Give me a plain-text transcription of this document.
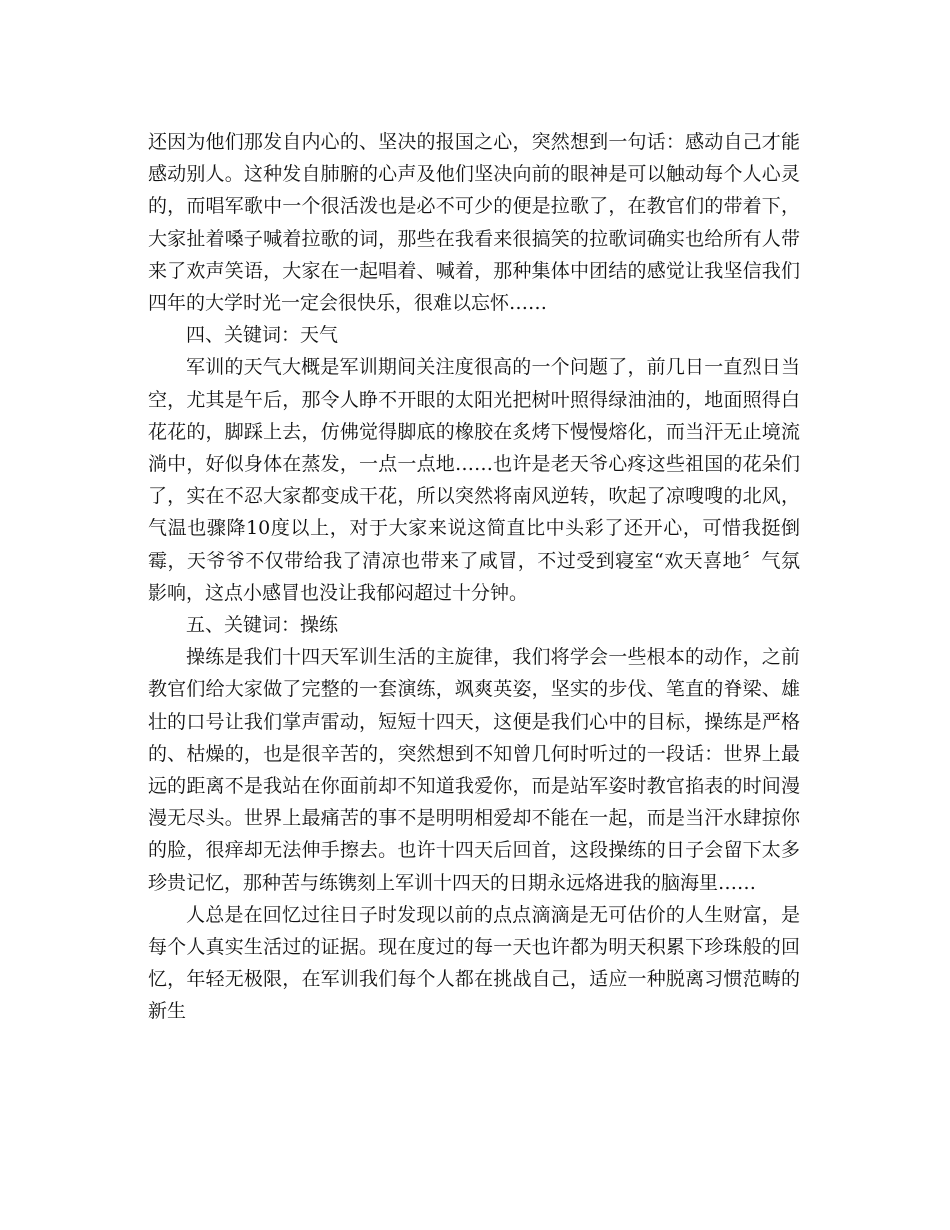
还因为他们那发自内心的、坚决的报国之心，突然想到一句话：感动自己才能感动别人。这种发自肺腑的心声及他们坚决向前的眼神是可以触动每个人心灵的，而唱军歌中一个很活泼也是必不可少的便是拉歌了，在教官们的带着下，大家扯着嗓子喊着拉歌的词，那些在我看来很搞笑的拉歌词确实也给所有人带来了欢声笑语，大家在一起唱着、喊着，那种集体中团结的感觉让我坚信我们四年的大学时光一定会很快乐，很难以忘怀……

四、关键词：天气

军训的天气大概是军训期间关注度很高的一个问题了，前几日一直烈日当空，尤其是午后，那令人睁不开眼的太阳光把树叶照得绿油油的，地面照得白花花的，脚踩上去，仿佛觉得脚底的橡胶在炙烤下慢慢熔化，而当汗无止境流淌中，好似身体在蒸发，一点一点地……也许是老天爷心疼这些祖国的花朵们了，实在不忍大家都变成干花，所以突然将南风逆转，吹起了凉嗖嗖的北风，气温也骤降10度以上，对于大家来说这简直比中头彩了还开心，可惜我挺倒霉，天爷爷不仅带给我了清凉也带来了咸冒，不过受到寝室“欢天喜地〞气氛影响，这点小感冒也没让我郁闷超过十分钟。

五、关键词：操练

操练是我们十四天军训生活的主旋律，我们将学会一些根本的动作，之前教官们给大家做了完整的一套演练，飒爽英姿，坚实的步伐、笔直的脊梁、雄壮的口号让我们掌声雷动，短短十四天，这便是我们心中的目标，操练是严格的、枯燥的，也是很辛苦的，突然想到不知曾几何时听过的一段话：世界上最远的距离不是我站在你面前却不知道我爱你，而是站军姿时教官掐表的时间漫漫无尽头。世界上最痛苦的事不是明明相爱却不能在一起，而是当汗水肆掠你的脸，很痒却无法伸手擦去。也许十四天后回首，这段操练的日子会留下太多珍贵记忆，那种苦与练镌刻上军训十四天的日期永远烙进我的脑海里……

人总是在回忆过往日子时发现以前的点点滴滴是无可估价的人生财富，是每个人真实生活过的证据。现在度过的每一天也许都为明天积累下珍珠般的回忆，年轻无极限，在军训我们每个人都在挑战自己，适应一种脱离习惯范畴的新生
